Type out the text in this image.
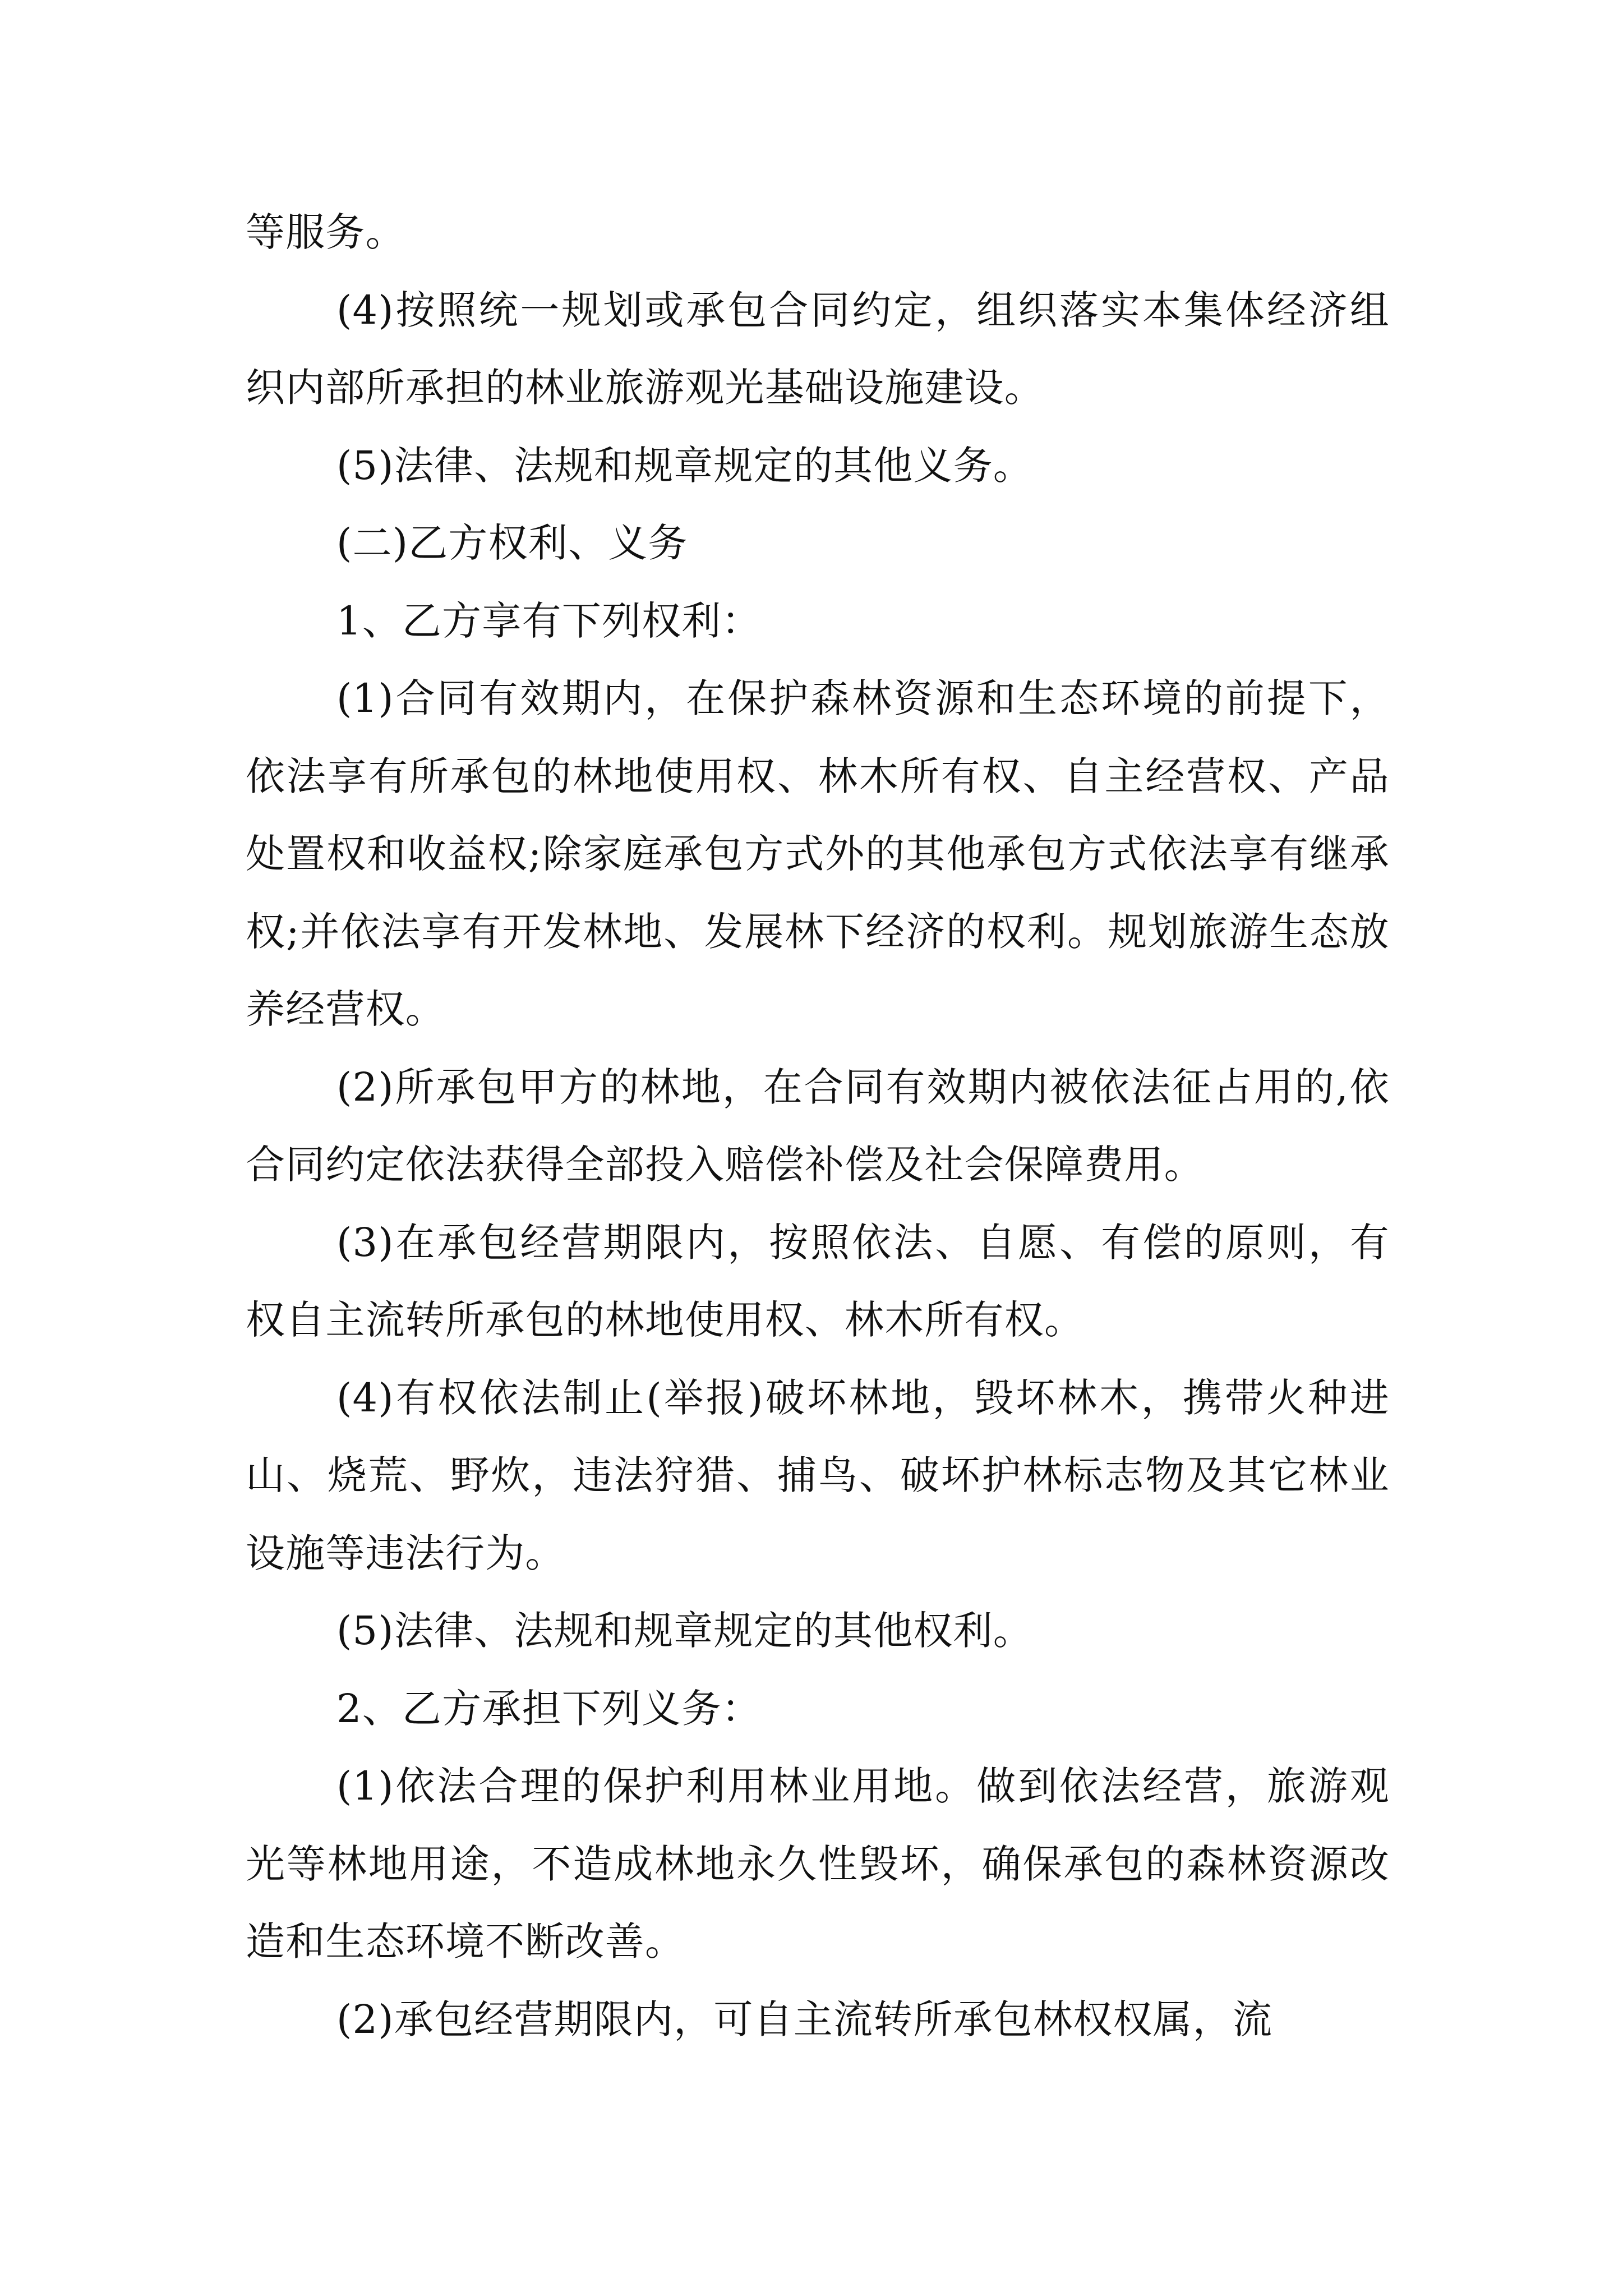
等服务。

(4)按照统一规划或承包合同约定，组织落实本集体经济组织内部所承担的林业旅游观光基础设施建设。

(5)法律、法规和规章规定的其他义务。

(二)乙方权利、义务

1、乙方享有下列权利：

(1)合同有效期内，在保护森林资源和生态环境的前提下，依法享有所承包的林地使用权、林木所有权、自主经营权、产品处置权和收益权;除家庭承包方式外的其他承包方式依法享有继承权;并依法享有开发林地、发展林下经济的权利。规划旅游生态放养经营权。

(2)所承包甲方的林地，在合同有效期内被依法征占用的,依合同约定依法获得全部投入赔偿补偿及社会保障费用。

(3)在承包经营期限内，按照依法、自愿、有偿的原则，有权自主流转所承包的林地使用权、林木所有权。

(4)有权依法制止(举报)破坏林地，毁坏林木，携带火种进山、烧荒、野炊，违法狩猎、捕鸟、破坏护林标志物及其它林业设施等违法行为。

(5)法律、法规和规章规定的其他权利。

2、乙方承担下列义务：

(1)依法合理的保护利用林业用地。做到依法经营，旅游观光等林地用途，不造成林地永久性毁坏，确保承包的森林资源改造和生态环境不断改善。

(2)承包经营期限内，可自主流转所承包林权权属，流
